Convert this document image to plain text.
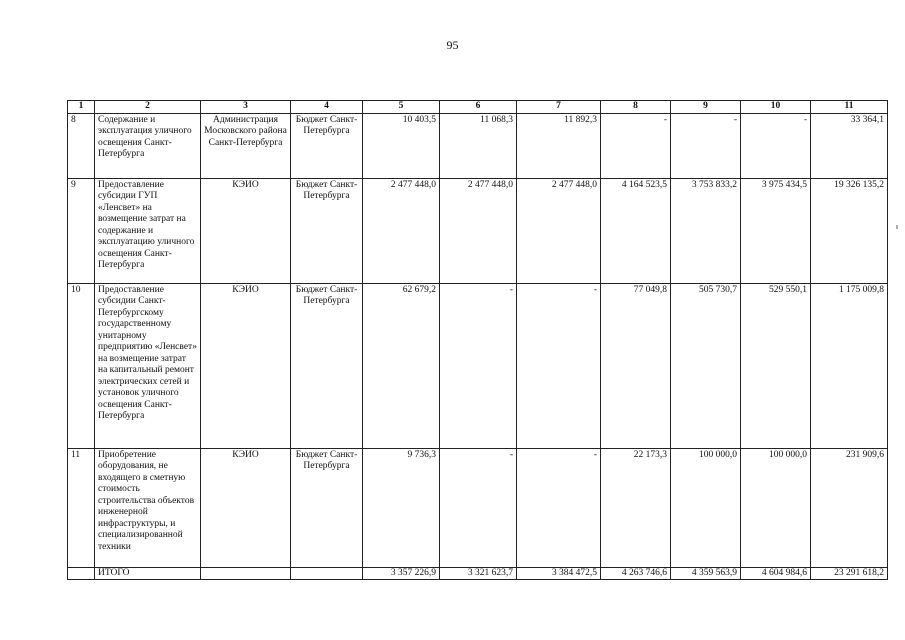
95
1	2	3	4	5	6	7	8	9	10	11
8	Содержание и эксплуатация уличного освещения Санкт-Петербурга	Администрация Московского района Санкт-Петербурга	Бюджет Санкт-Петербурга	10 403,5	11 068,3	11 892,3	-	-	-	33 364,1
9	Предоставление субсидии ГУП «Ленсвет» на возмещение затрат на содержание и эксплуатацию уличного освещения Санкт-Петербурга	КЭИО	Бюджет Санкт-Петербурга	2 477 448,0	2 477 448,0	2 477 448,0	4 164 523,5	3 753 833,2	3 975 434,5	19 326 135,2
10	Предоставление субсидии Санкт-Петербургскому государственному унитарному предприятию «Ленсвет» на возмещение затрат на капитальный ремонт электрических сетей и установок уличного освещения Санкт-Петербурга	КЭИО	Бюджет Санкт-Петербурга	62 679,2	-	-	77 049,8	505 730,7	529 550,1	1 175 009,8
11	Приобретение оборудования, не входящего в сметную стоимость строительства объектов инженерной инфраструктуры, и специализированной техники	КЭИО	Бюджет Санкт-Петербурга	9 736,3	-	-	22 173,3	100 000,0	100 000,0	231 909,6
	ИТОГО			3 357 226,9	3 321 623,7	3 384 472,5	4 263 746,6	4 359 563,9	4 604 984,6	23 291 618,2
